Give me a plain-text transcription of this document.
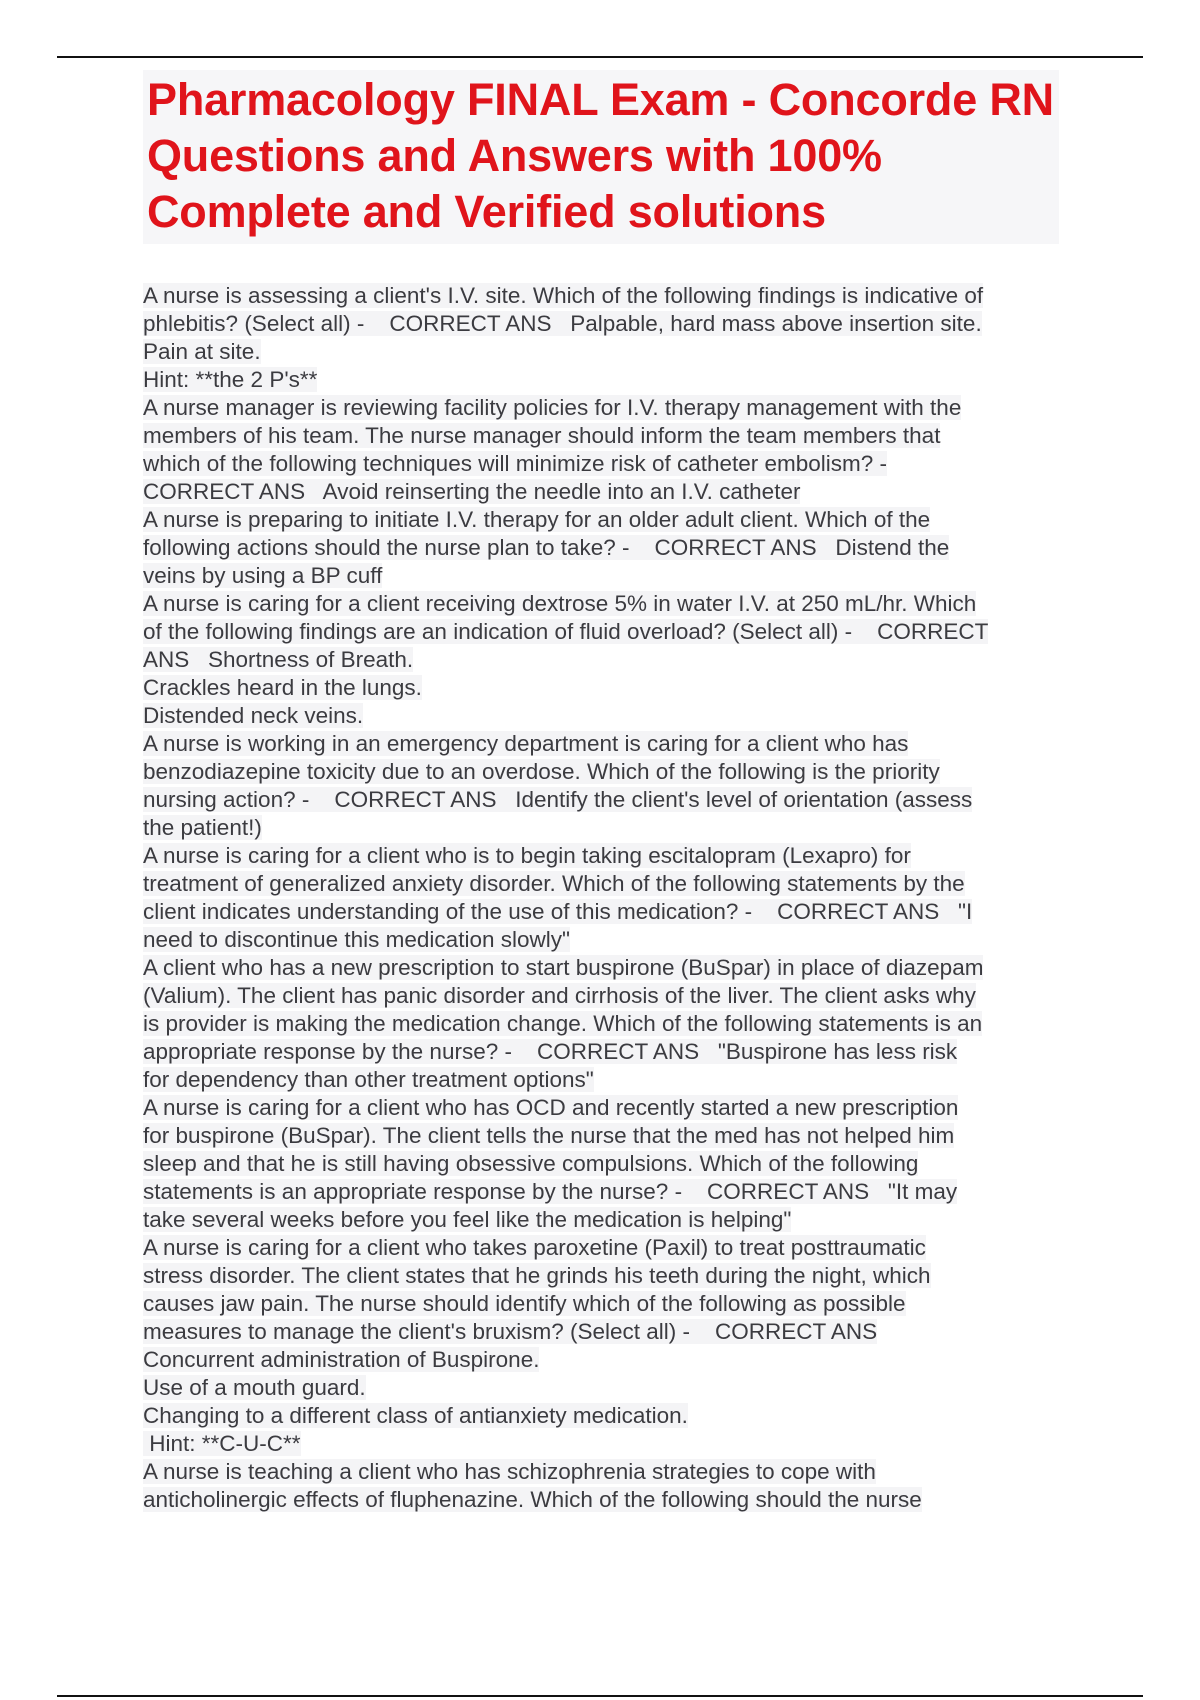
Pharmacology FINAL Exam - Concorde RN Questions and Answers with 100% Complete and Verified solutions
A nurse is assessing a client's I.V. site. Which of the following findings is indicative of
phlebitis? (Select all) -    CORRECT ANS   Palpable, hard mass above insertion site.
Pain at site.
Hint: **the 2 P's**
A nurse manager is reviewing facility policies for I.V. therapy management with the
members of his team. The nurse manager should inform the team members that
which of the following techniques will minimize risk of catheter embolism? -
CORRECT ANS   Avoid reinserting the needle into an I.V. catheter
A nurse is preparing to initiate I.V. therapy for an older adult client. Which of the
following actions should the nurse plan to take? -    CORRECT ANS   Distend the
veins by using a BP cuff
A nurse is caring for a client receiving dextrose 5% in water I.V. at 250 mL/hr. Which
of the following findings are an indication of fluid overload? (Select all) -    CORRECT
ANS   Shortness of Breath.
Crackles heard in the lungs.
Distended neck veins.
A nurse is working in an emergency department is caring for a client who has
benzodiazepine toxicity due to an overdose. Which of the following is the priority
nursing action? -    CORRECT ANS   Identify the client's level of orientation (assess
the patient!)
A nurse is caring for a client who is to begin taking escitalopram (Lexapro) for
treatment of generalized anxiety disorder. Which of the following statements by the
client indicates understanding of the use of this medication? -    CORRECT ANS   "I
need to discontinue this medication slowly"
A client who has a new prescription to start buspirone (BuSpar) in place of diazepam
(Valium). The client has panic disorder and cirrhosis of the liver. The client asks why
is provider is making the medication change. Which of the following statements is an
appropriate response by the nurse? -    CORRECT ANS   "Buspirone has less risk
for dependency than other treatment options"
A nurse is caring for a client who has OCD and recently started a new prescription
for buspirone (BuSpar). The client tells the nurse that the med has not helped him
sleep and that he is still having obsessive compulsions. Which of the following
statements is an appropriate response by the nurse? -    CORRECT ANS   "It may
take several weeks before you feel like the medication is helping"
A nurse is caring for a client who takes paroxetine (Paxil) to treat posttraumatic
stress disorder. The client states that he grinds his teeth during the night, which
causes jaw pain. The nurse should identify which of the following as possible
measures to manage the client's bruxism? (Select all) -    CORRECT ANS
Concurrent administration of Buspirone.
Use of a mouth guard.
Changing to a different class of antianxiety medication.
Hint: **C-U-C**
A nurse is teaching a client who has schizophrenia strategies to cope with
anticholinergic effects of fluphenazine. Which of the following should the nurse
